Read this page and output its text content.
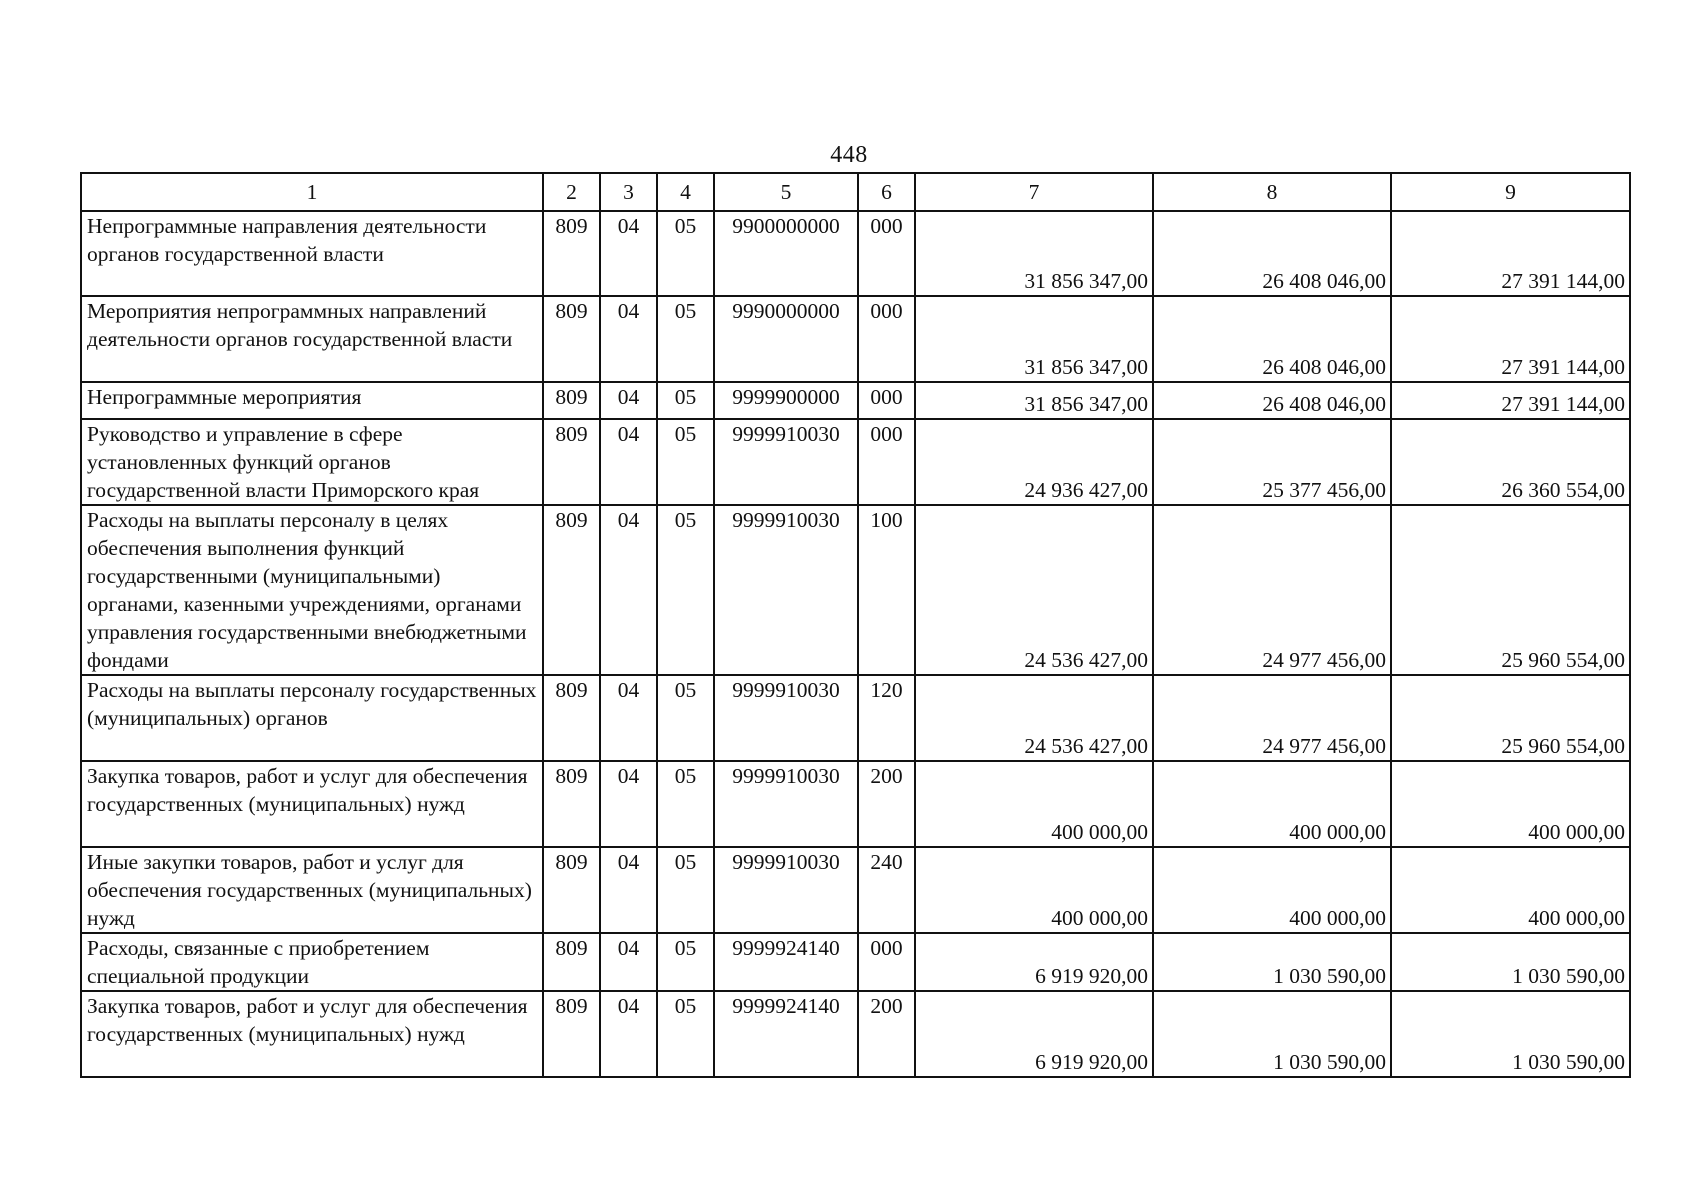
448
1	2	3	4	5	6	7	8	9
Непрограммные направления деятельности органов государственной власти	809	04	05	9900000000	000	31 856 347,00	26 408 046,00	27 391 144,00
Мероприятия непрограммных направлений деятельности органов государственной власти	809	04	05	9990000000	000	31 856 347,00	26 408 046,00	27 391 144,00
Непрограммные мероприятия	809	04	05	9999900000	000	31 856 347,00	26 408 046,00	27 391 144,00
Руководство и управление в сфере установленных функций органов государственной власти Приморского края	809	04	05	9999910030	000	24 936 427,00	25 377 456,00	26 360 554,00
Расходы на выплаты персоналу в целях обеспечения выполнения функций государственными (муниципальными) органами, казенными учреждениями, органами управления государственными внебюджетными фондами	809	04	05	9999910030	100	24 536 427,00	24 977 456,00	25 960 554,00
Расходы на выплаты персоналу государственных (муниципальных) органов	809	04	05	9999910030	120	24 536 427,00	24 977 456,00	25 960 554,00
Закупка товаров, работ и услуг для обеспечения государственных (муниципальных) нужд	809	04	05	9999910030	200	400 000,00	400 000,00	400 000,00
Иные закупки товаров, работ и услуг для обеспечения государственных (муниципальных) нужд	809	04	05	9999910030	240	400 000,00	400 000,00	400 000,00
Расходы, связанные с приобретением специальной продукции	809	04	05	9999924140	000	6 919 920,00	1 030 590,00	1 030 590,00
Закупка товаров, работ и услуг для обеспечения государственных (муниципальных) нужд	809	04	05	9999924140	200	6 919 920,00	1 030 590,00	1 030 590,00
